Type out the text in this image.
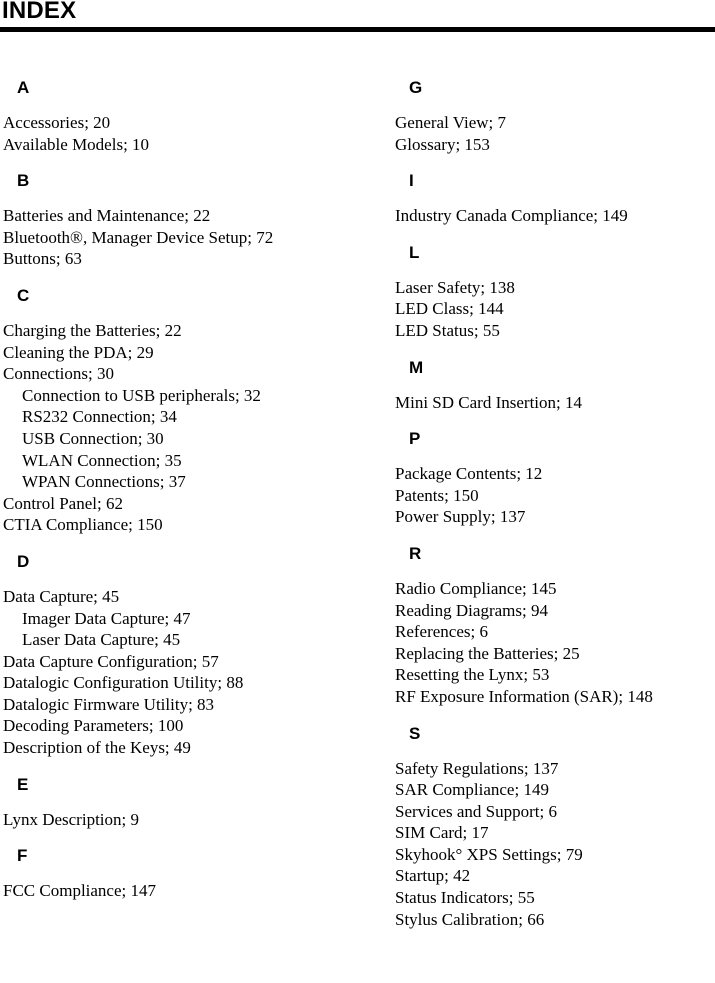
INDEX
A
Accessories; 20
Available Models; 10
B
Batteries and Maintenance; 22
Bluetooth®, Manager Device Setup; 72
Buttons; 63
C
Charging the Batteries; 22
Cleaning the PDA; 29
Connections; 30
Connection to USB peripherals; 32
RS232 Connection; 34
USB Connection; 30
WLAN Connection; 35
WPAN Connections; 37
Control Panel; 62
CTIA Compliance; 150
D
Data Capture; 45
Imager Data Capture; 47
Laser Data Capture; 45
Data Capture Configuration; 57
Datalogic Configuration Utility; 88
Datalogic Firmware Utility; 83
Decoding Parameters; 100
Description of the Keys; 49
E
Lynx Description; 9
F
FCC Compliance; 147
G
General View; 7
Glossary; 153
I
Industry Canada Compliance; 149
L
Laser Safety; 138
LED Class; 144
LED Status; 55
M
Mini SD Card Insertion; 14
P
Package Contents; 12
Patents; 150
Power Supply; 137
R
Radio Compliance; 145
Reading Diagrams; 94
References; 6
Replacing the Batteries; 25
Resetting the Lynx; 53
RF Exposure Information (SAR); 148
S
Safety Regulations; 137
SAR Compliance; 149
Services and Support; 6
SIM Card; 17
Skyhook° XPS Settings; 79
Startup; 42
Status Indicators; 55
Stylus Calibration; 66
